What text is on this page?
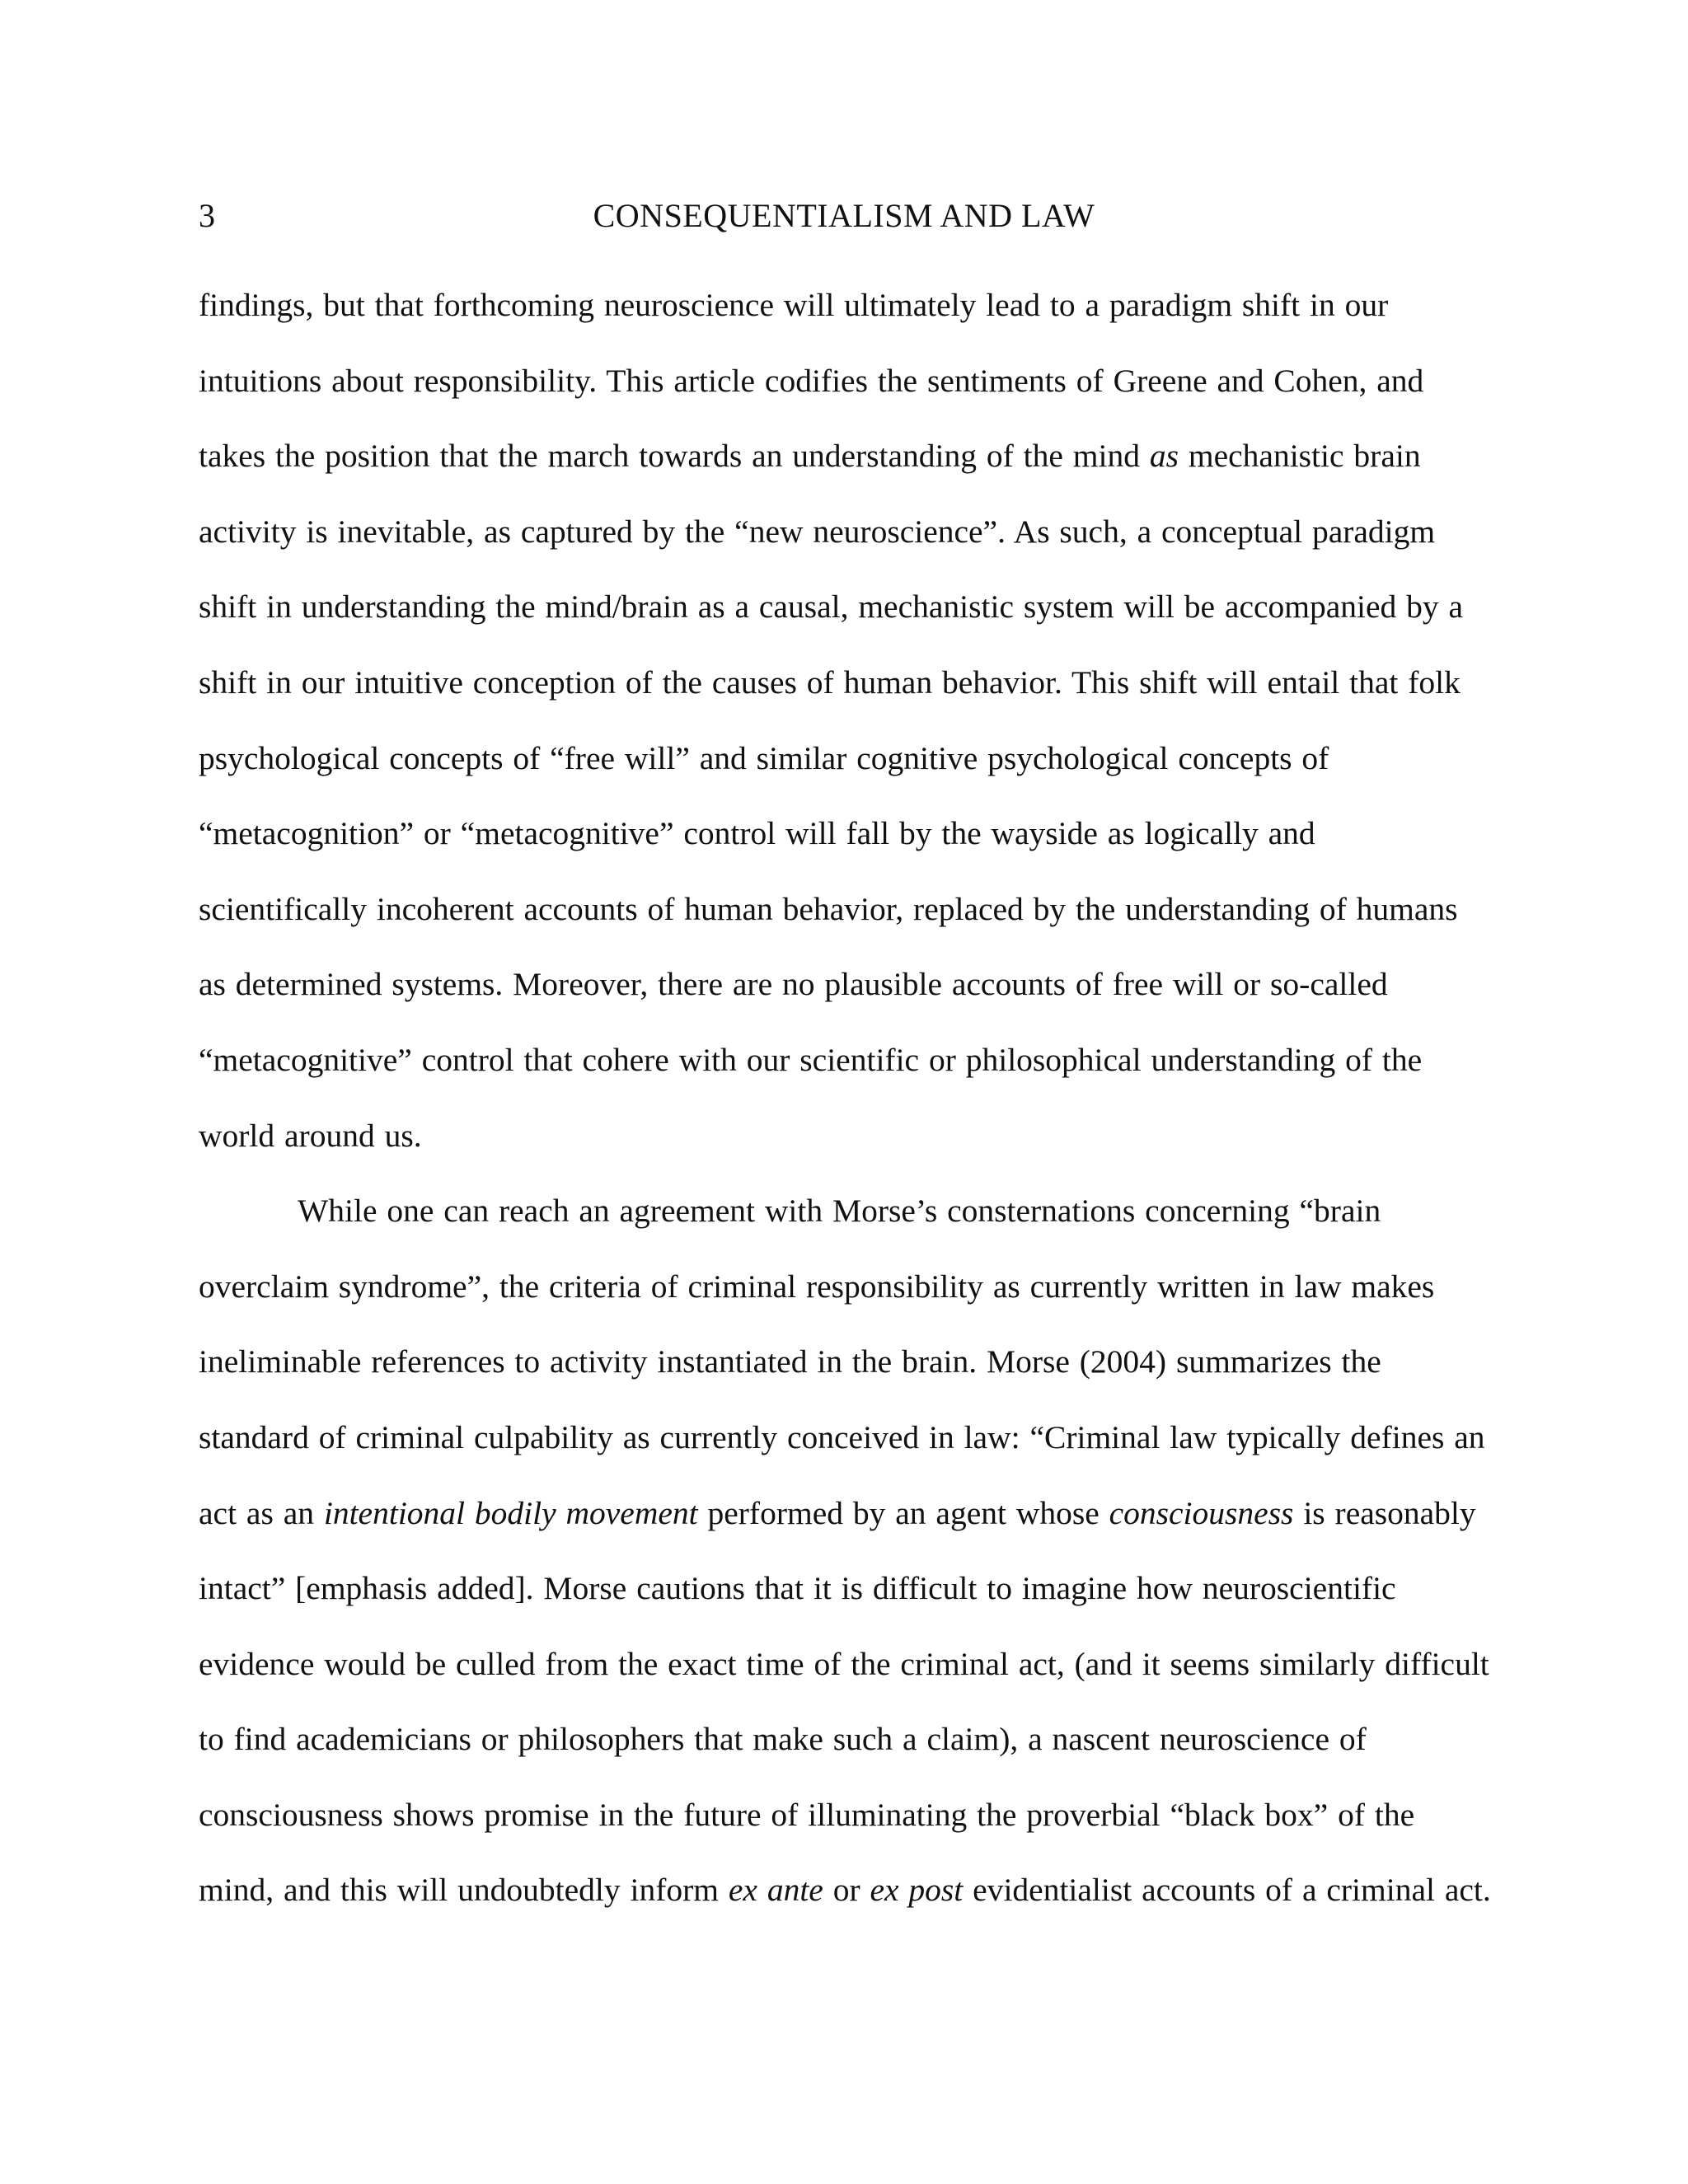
3	CONSEQUENTIALISM AND LAW

findings, but that forthcoming neuroscience will ultimately lead to a paradigm shift in our
intuitions about responsibility. This article codifies the sentiments of Greene and Cohen, and
takes the position that the march towards an understanding of the mind as mechanistic brain
activity is inevitable, as captured by the “new neuroscience”. As such, a conceptual paradigm
shift in understanding the mind/brain as a causal, mechanistic system will be accompanied by a
shift in our intuitive conception of the causes of human behavior. This shift will entail that folk
psychological concepts of “free will” and similar cognitive psychological concepts of
“metacognition” or “metacognitive” control will fall by the wayside as logically and
scientifically incoherent accounts of human behavior, replaced by the understanding of humans
as determined systems. Moreover, there are no plausible accounts of free will or so-called
“metacognitive” control that cohere with our scientific or philosophical understanding of the
world around us.

While one can reach an agreement with Morse’s consternations concerning “brain
overclaim syndrome”, the criteria of criminal responsibility as currently written in law makes
ineliminable references to activity instantiated in the brain. Morse (2004) summarizes the
standard of criminal culpability as currently conceived in law: “Criminal law typically defines an
act as an intentional bodily movement performed by an agent whose consciousness is reasonably
intact” [emphasis added]. Morse cautions that it is difficult to imagine how neuroscientific
evidence would be culled from the exact time of the criminal act, (and it seems similarly difficult
to find academicians or philosophers that make such a claim), a nascent neuroscience of
consciousness shows promise in the future of illuminating the proverbial “black box” of the
mind, and this will undoubtedly inform ex ante or ex post evidentialist accounts of a criminal act.
